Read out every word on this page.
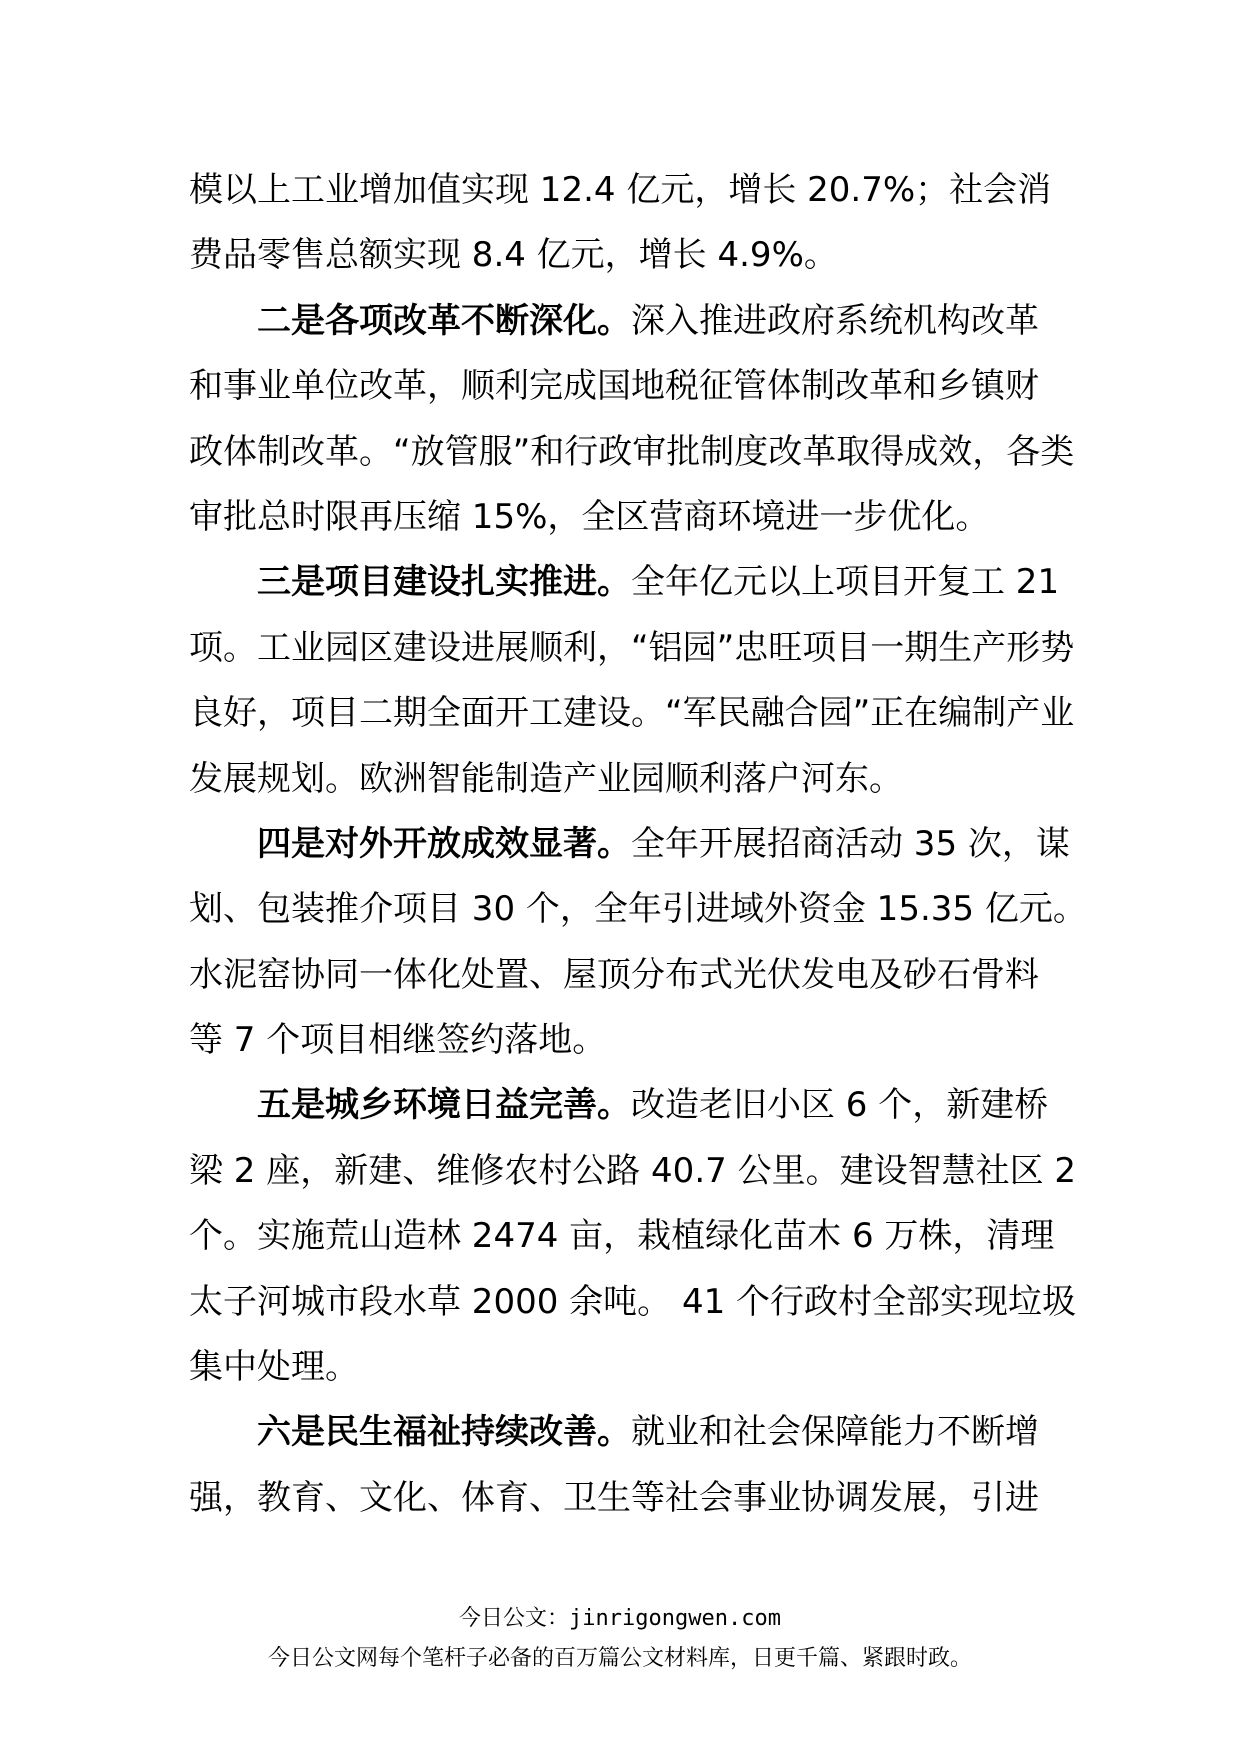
模以上工业增加值实现 12.4 亿元，增长 20.7%；社会消
费品零售总额实现 8.4 亿元，增长 4.9%。
二是各项改革不断深化。深入推进政府系统机构改革
和事业单位改革，顺利完成国地税征管体制改革和乡镇财
政体制改革。“放管服”和行政审批制度改革取得成效，各类
审批总时限再压缩 15%，全区营商环境进一步优化。
三是项目建设扎实推进。全年亿元以上项目开复工 21
项。工业园区建设进展顺利，“铝园”忠旺项目一期生产形势
良好，项目二期全面开工建设。“军民融合园”正在编制产业
发展规划。欧洲智能制造产业园顺利落户河东。
四是对外开放成效显著。全年开展招商活动 35 次，谋
划、包装推介项目 30 个，全年引进域外资金 15.35 亿元。
水泥窑协同一体化处置、屋顶分布式光伏发电及砂石骨料
等 7 个项目相继签约落地。
五是城乡环境日益完善。改造老旧小区 6 个，新建桥
梁 2 座，新建、维修农村公路 40.7 公里。建设智慧社区 2
个。实施荒山造林 2474 亩，栽植绿化苗木 6 万株，清理
太子河城市段水草 2000 余吨。 41 个行政村全部实现垃圾
集中处理。
六是民生福祉持续改善。就业和社会保障能力不断增
强，教育、文化、体育、卫生等社会事业协调发展，引进
今日公文：jinrigongwen.com
今日公文网每个笔杆子必备的百万篇公文材料库，日更千篇、紧跟时政。
